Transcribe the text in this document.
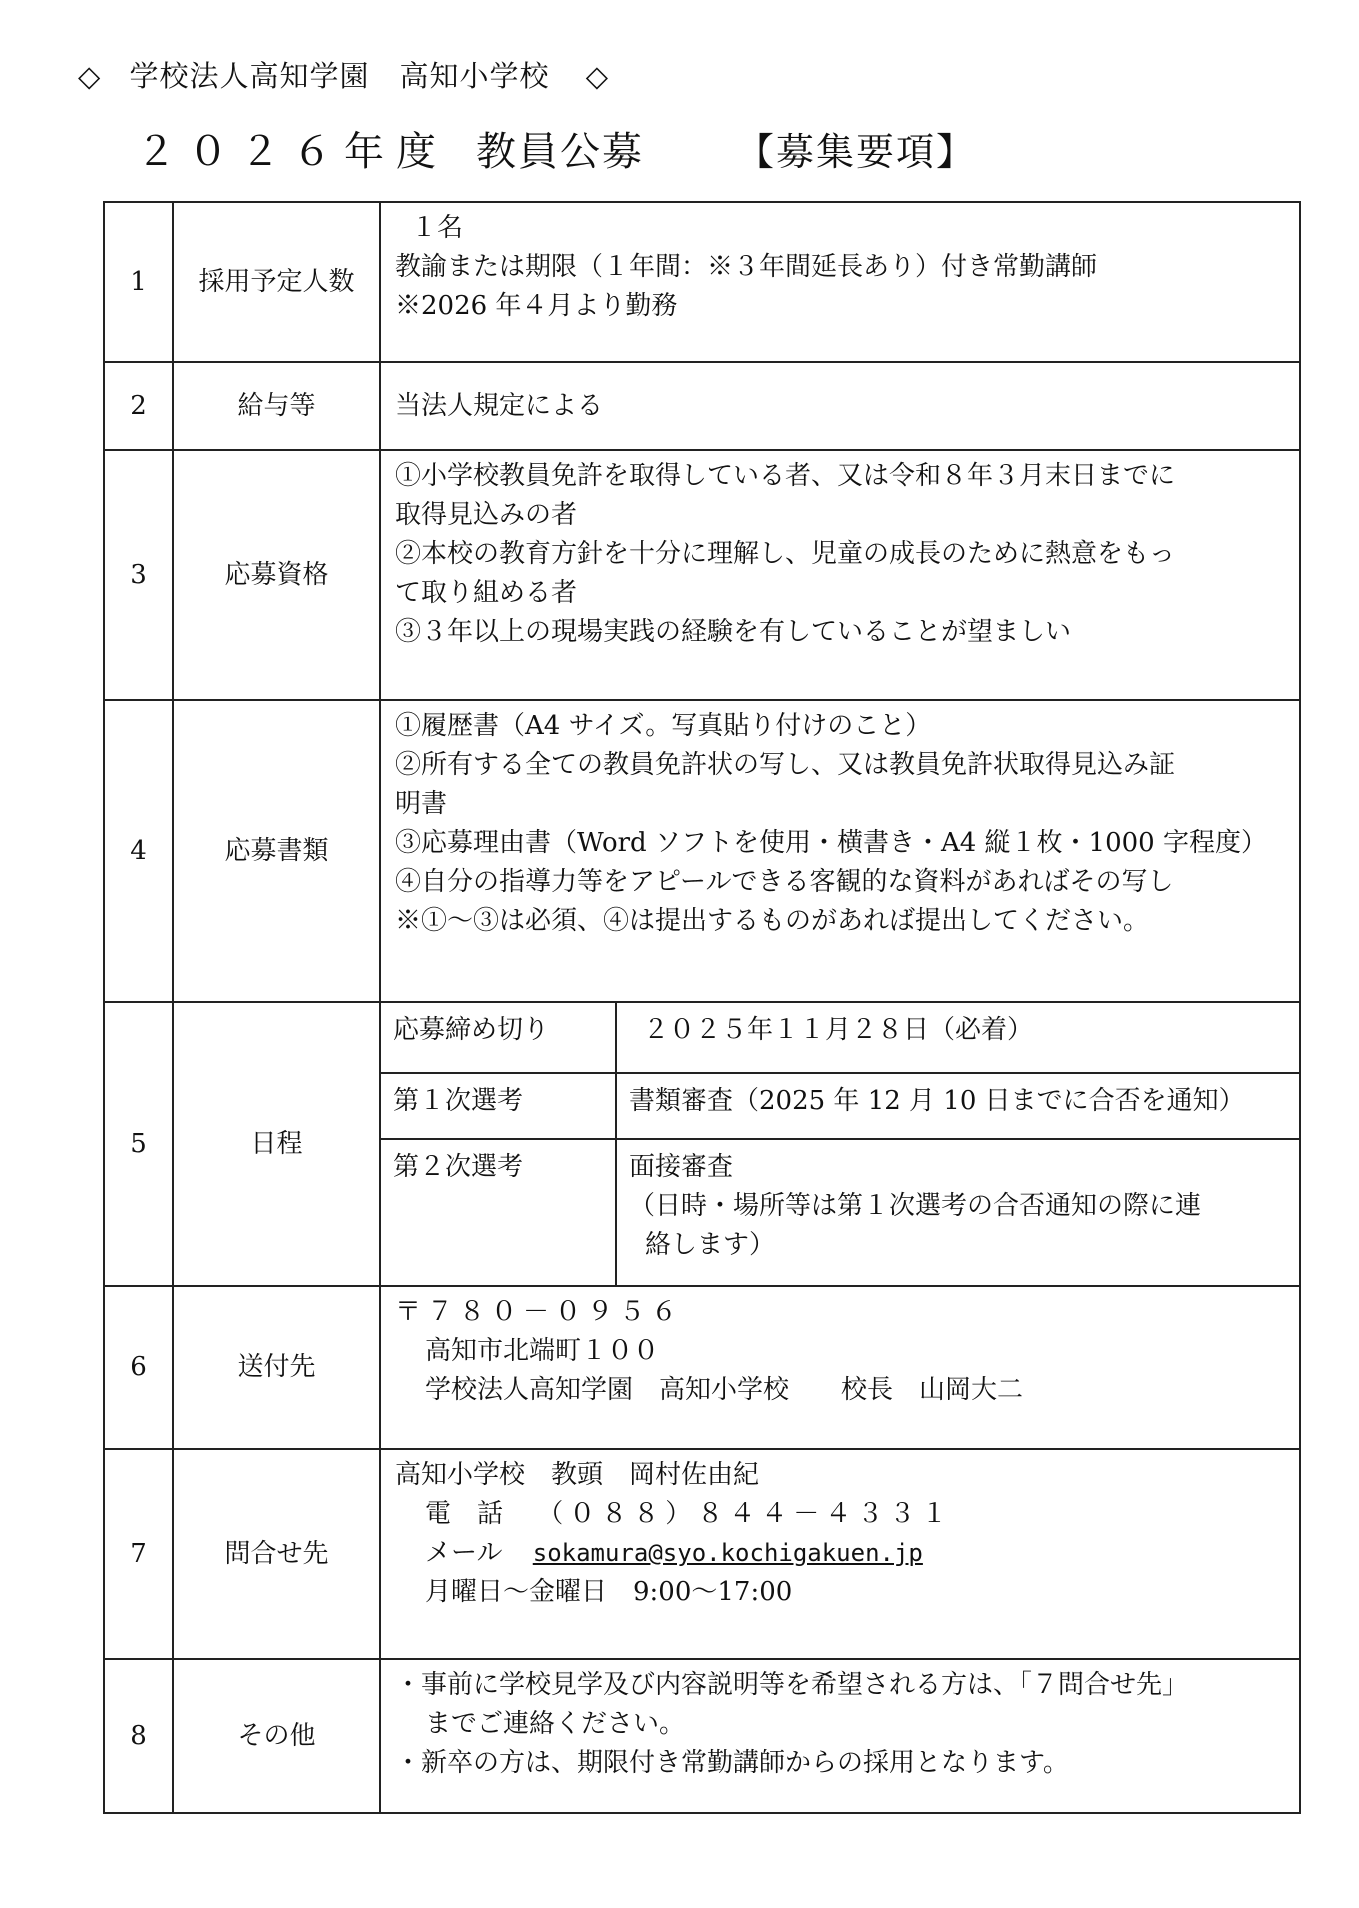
◇ 学校法人高知学園　高知小学校 ◇
２０２６年度 教員公募 【募集要項】
1	採用予定人数	
１名
教諭または期限（１年間：※３年間延長あり）付き常勤講師
※2026 年４月より勤務

2	給与等	当法人規定による

3	応募資格	
①小学校教員免許を取得している者、又は令和８年３月末日までに
取得見込みの者
②本校の教育方針を十分に理解し、児童の成長のために熱意をもっ
て取り組める者
③３年以上の現場実践の経験を有していることが望ましい

4	応募書類	
①履歴書（A4 サイズ。写真貼り付けのこと）
②所有する全ての教員免許状の写し、又は教員免許状取得見込み証
明書
③応募理由書（Word ソフトを使用・横書き・A4 縦１枚・1000 字程度）
④自分の指導力等をアピールできる客観的な資料があればその写し
※①～③は必須、④は提出するものがあれば提出してください。

5	日程	
応募締め切り	２０２５年１１月２８日（必着）

第１次選考	書類審査（2025 年 12 月 10 日までに合否を通知）

第２次選考	面接審査
（日時・場所等は第１次選考の合否通知の際に連
絡します）

6	送付先	
〒７８０－０９５６
高知市北端町１００
学校法人高知学園　高知小学校　　校長　山岡大二

7	問合せ先	
高知小学校　教頭　岡村佐由紀
電　話 （０８８）８４４－４３３１
メール sokamura@syo.kochigakuen.jp
月曜日～金曜日　9:00～17:00

8	その他	
・事前に学校見学及び内容説明等を希望される方は、「７問合せ先」
までご連絡ください。
・新卒の方は、期限付き常勤講師からの採用となります。
